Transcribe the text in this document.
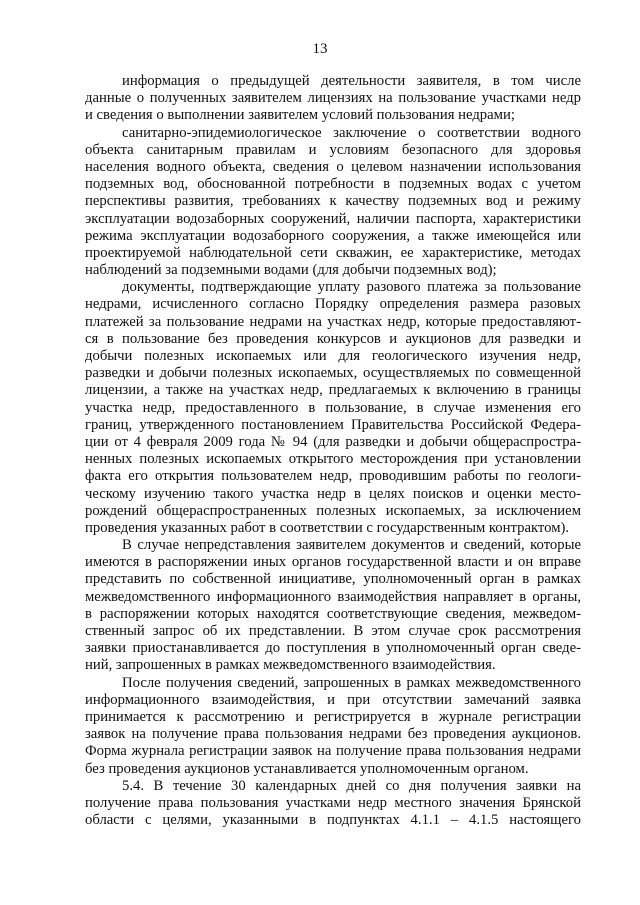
13
информация о предыдущей деятельности заявителя, в том числе
данные о полученных заявителем лицензиях на пользование участками недр
и сведения о выполнении заявителем условий пользования недрами;
санитарно-эпидемиологическое заключение о соответствии водного
объекта санитарным правилам и условиям безопасного для здоровья
населения водного объекта, сведения о целевом назначении использования
подземных вод, обоснованной потребности в подземных водах с учетом
перспективы развития, требованиях к качеству подземных вод и режиму
эксплуатации водозаборных сооружений, наличии паспорта, характеристики
режима эксплуатации водозаборного сооружения, а также имеющейся или
проектируемой наблюдательной сети скважин, ее характеристике, методах
наблюдений за подземными водами (для добычи подземных вод);
документы, подтверждающие уплату разового платежа за пользование
недрами, исчисленного согласно Порядку определения размера разовых
платежей за пользование недрами на участках недр, которые предоставляют-
ся в пользование без проведения конкурсов и аукционов для разведки и
добычи полезных ископаемых или для геологического изучения недр,
разведки и добычи полезных ископаемых, осуществляемых по совмещенной
лицензии, а также на участках недр, предлагаемых к включению в границы
участка недр, предоставленного в пользование, в случае изменения его
границ, утвержденного постановлением Правительства Российской Федера-
ции от 4 февраля 2009 года № 94 (для разведки и добычи общераспростра-
ненных полезных ископаемых открытого месторождения при установлении
факта его открытия пользователем недр, проводившим работы по геологи-
ческому изучению такого участка недр в целях поисков и оценки место-
рождений общераспространенных полезных ископаемых, за исключением
проведения указанных работ в соответствии с государственным контрактом).
В случае непредставления заявителем документов и сведений, которые
имеются в распоряжении иных органов государственной власти и он вправе
представить по собственной инициативе, уполномоченный орган в рамках
межведомственного информационного взаимодействия направляет в органы,
в распоряжении которых находятся соответствующие сведения, межведом-
ственный запрос об их представлении. В этом случае срок рассмотрения
заявки приостанавливается до поступления в уполномоченный орган сведе-
ний, запрошенных в рамках межведомственного взаимодействия.
После получения сведений, запрошенных в рамках межведомственного
информационного взаимодействия, и при отсутствии замечаний заявка
принимается к рассмотрению и регистрируется в журнале регистрации
заявок на получение права пользования недрами без проведения аукционов.
Форма журнала регистрации заявок на получение права пользования недрами
без проведения аукционов устанавливается уполномоченным органом.
5.4. В течение 30 календарных дней со дня получения заявки на
получение права пользования участками недр местного значения Брянской
области с целями, указанными в подпунктах 4.1.1 – 4.1.5 настоящего
